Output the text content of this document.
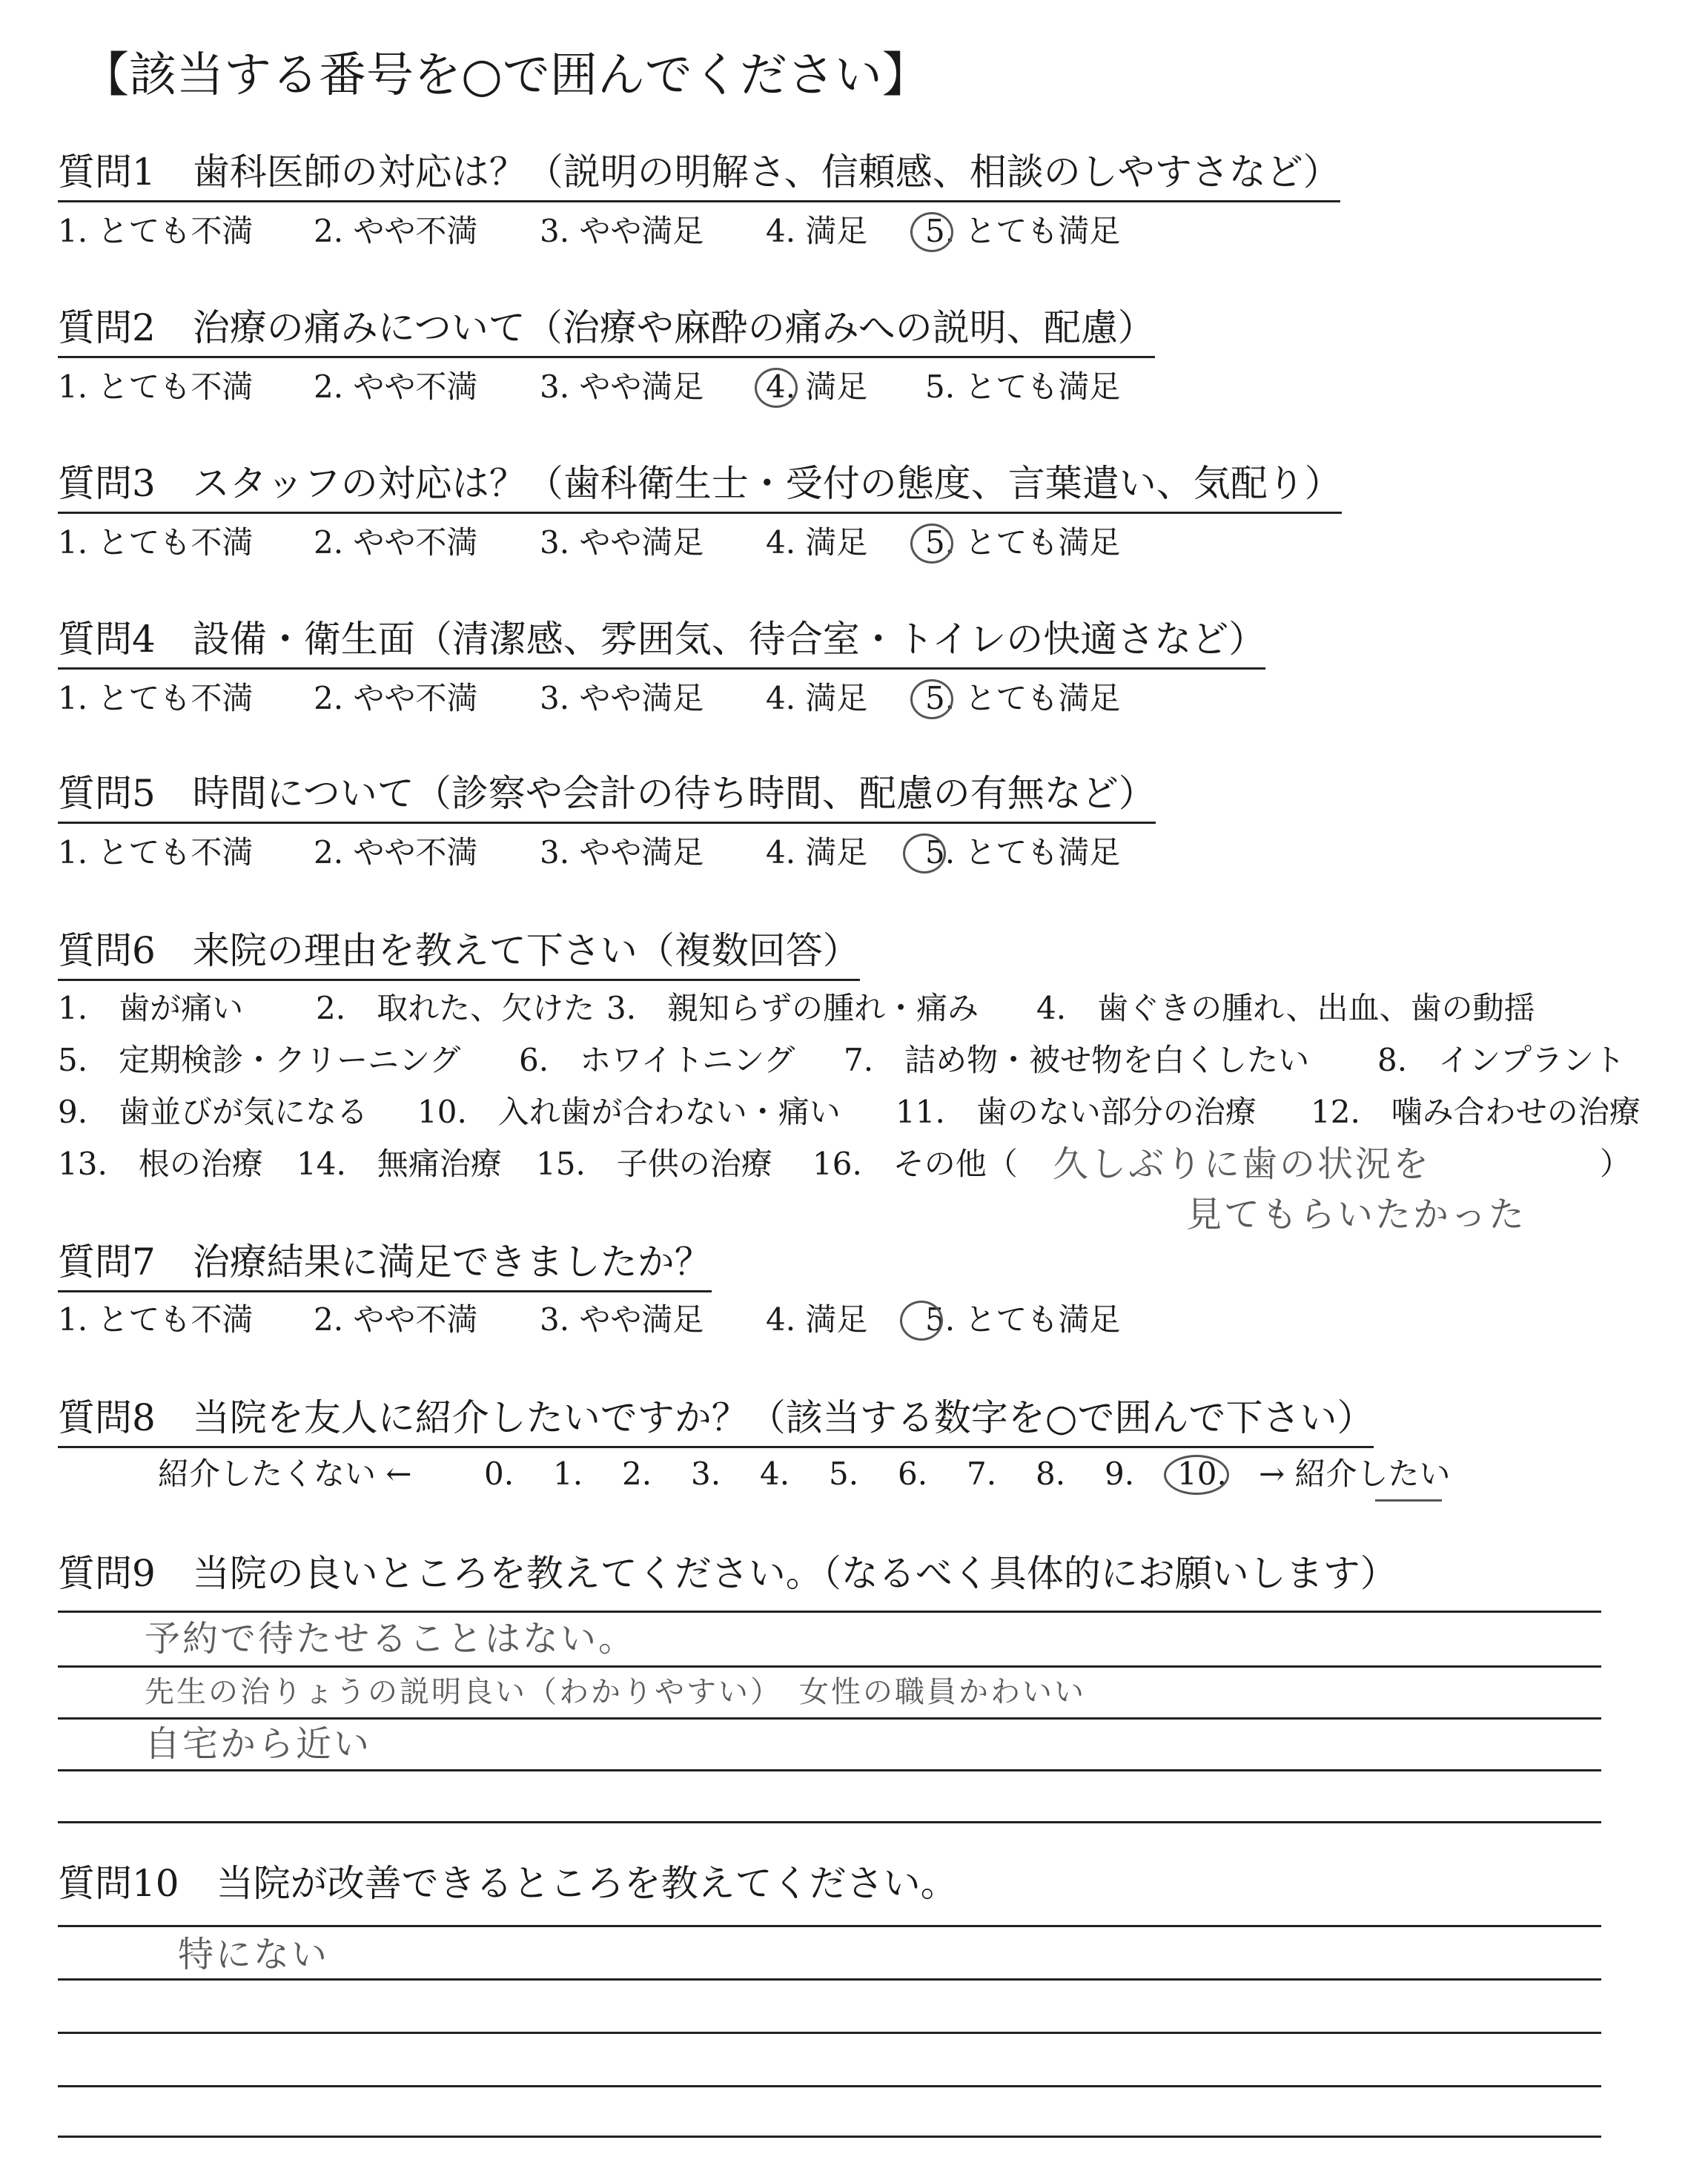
【該当する番号を○で囲んでください】
質問1　歯科医師の対応は？（説明の明解さ、信頼感、相談のしやすさなど）
1. とても不満 2. やや不満 3. やや満足 4. 満足 5. とても満足
質問2　治療の痛みについて（治療や麻酔の痛みへの説明、配慮）
1. とても不満 2. やや不満 3. やや満足 4. 満足 5. とても満足
質問3　スタッフの対応は？（歯科衛生士・受付の態度、言葉遣い、気配り）
1. とても不満 2. やや不満 3. やや満足 4. 満足 5. とても満足
質問4　設備・衛生面（清潔感、雰囲気、待合室・トイレの快適さなど）
1. とても不満 2. やや不満 3. やや満足 4. 満足 5. とても満足
質問5　時間について（診察や会計の待ち時間、配慮の有無など）
1. とても不満 2. やや不満 3. やや満足 4. 満足 5. とても満足
質問6　来院の理由を教えて下さい（複数回答）
1.　歯が痛い 2.　取れた、欠けた 3.　親知らずの腫れ・痛み 4.　歯ぐきの腫れ、出血、歯の動揺
5.　定期検診・クリーニング 6.　ホワイトニング 7.　詰め物・被せ物を白くしたい 8.　インプラント
9.　歯並びが気になる 10.　入れ歯が合わない・痛い 11.　歯のない部分の治療 12.　噛み合わせの治療
13.　根の治療 14.　無痛治療 15.　子供の治療 16.　その他（	）
久しぶりに歯の状況を
見てもらいたかった
質問7　治療結果に満足できましたか？
1. とても不満 2. やや不満 3. やや満足 4. 満足 5. とても満足
質問8　当院を友人に紹介したいですか？（該当する数字を○で囲んで下さい）
紹介したくない ← 0. 1. 2. 3. 4. 5. 6. 7. 8. 9. 10. → 紹介したい
質問9　当院の良いところを教えてください。（なるべく具体的にお願いします）
予約で待たせることはない。
先生の治りょうの説明良い（わかりやすい）　女性の職員かわいい
自宅から近い
質問10　当院が改善できるところを教えてください。
特にない
